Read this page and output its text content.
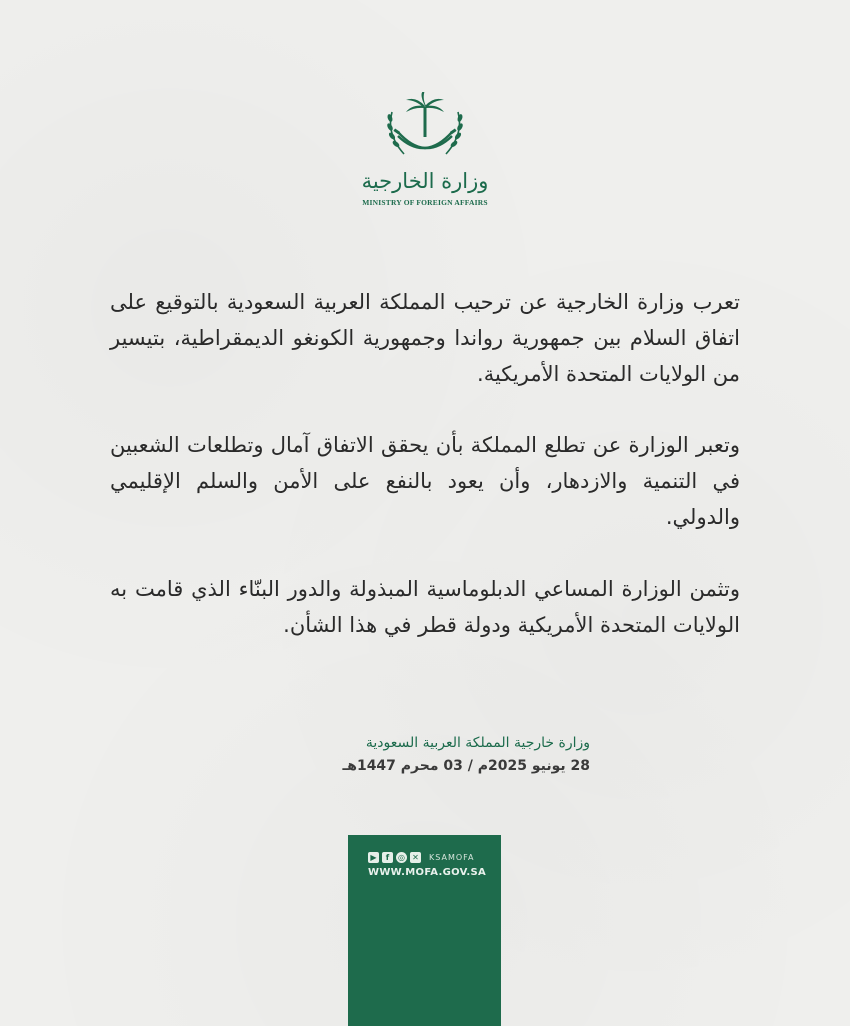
وزارة الخارجية
MINISTRY OF FOREIGN AFFAIRS
تعرب وزارة الخارجية عن ترحيب المملكة العربية السعودية بالتوقيع على اتفاق السلام بين جمهورية رواندا وجمهورية الكونغو الديمقراطية، بتيسير من الولايات المتحدة الأمريكية.
وتعبر الوزارة عن تطلع المملكة بأن يحقق الاتفاق آمال وتطلعات الشعبين في التنمية والازدهار، وأن يعود بالنفع على الأمن والسلم الإقليمي والدولي.
وتثمن الوزارة المساعي الدبلوماسية المبذولة والدور البنّاء الذي قامت به الولايات المتحدة الأمريكية ودولة قطر في هذا الشأن.
وزارة خارجية المملكة العربية السعودية
28 يونيو 2025م / 03 محرم 1447هـ
▶	f	◎ ✕ KSAMOFA
WWW.MOFA.GOV.SA
